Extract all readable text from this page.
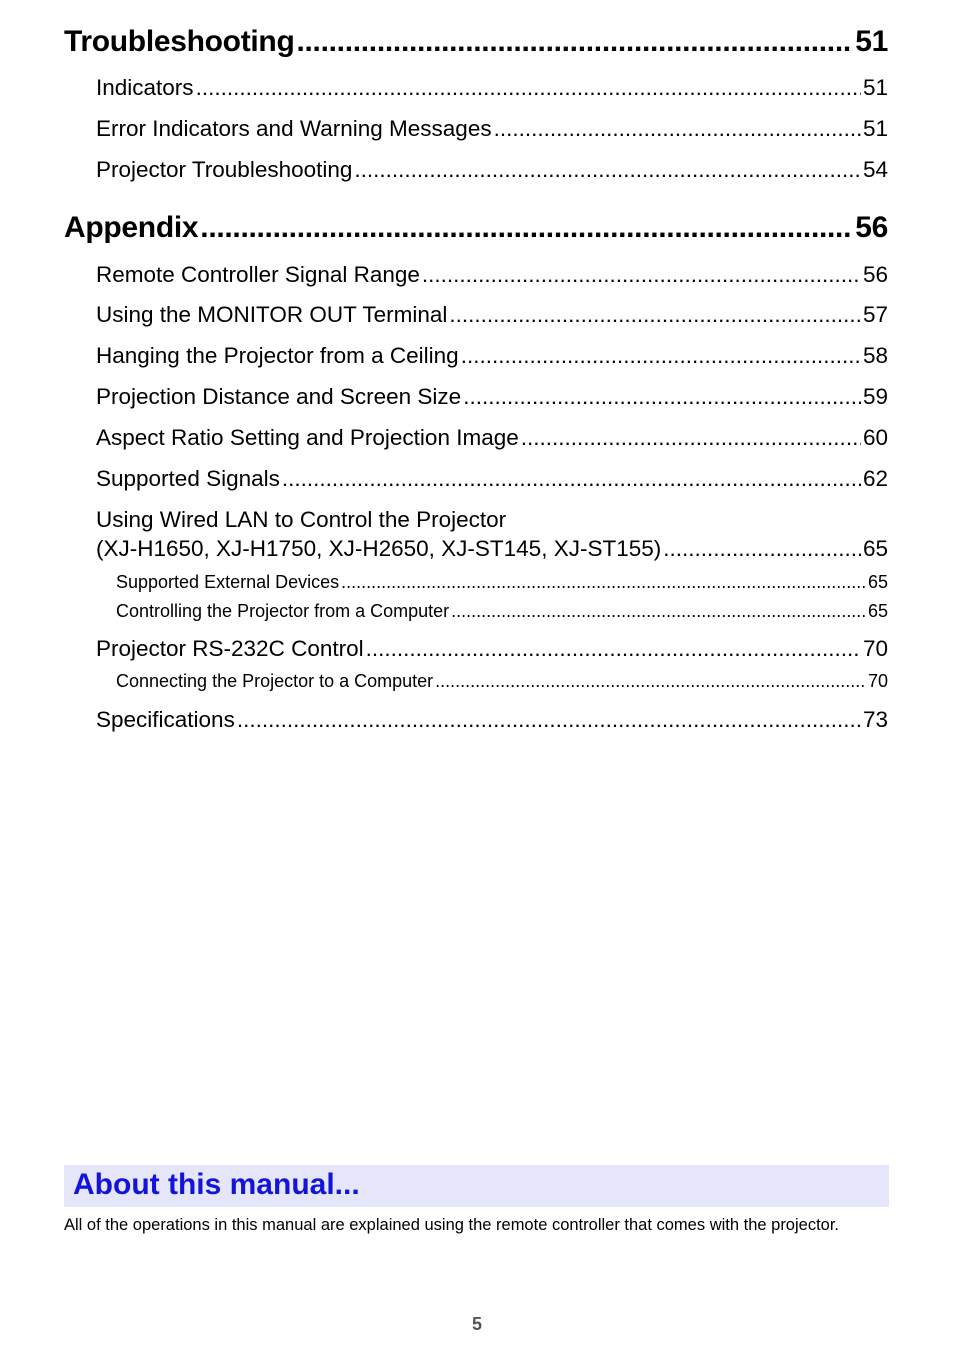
Troubleshooting .....	51
Indicators .....	51
Error Indicators and Warning Messages .....	51
Projector Troubleshooting .....	54
Appendix .....	56
Remote Controller Signal Range .....	56
Using the MONITOR OUT Terminal .....	57
Hanging the Projector from a Ceiling .....	58
Projection Distance and Screen Size .....	59
Aspect Ratio Setting and Projection Image .....	60
Supported Signals .....	62
Using Wired LAN to Control the Projector
(XJ-H1650, XJ-H1750, XJ-H2650, XJ-ST145, XJ-ST155) .....	65
Supported External Devices .....	65
Controlling the Projector from a Computer .....	65
Projector RS-232C Control .....	70
Connecting the Projector to a Computer .....	70
Specifications .....	73
About this manual...
All of the operations in this manual are explained using the remote controller that comes with the projector.
5
